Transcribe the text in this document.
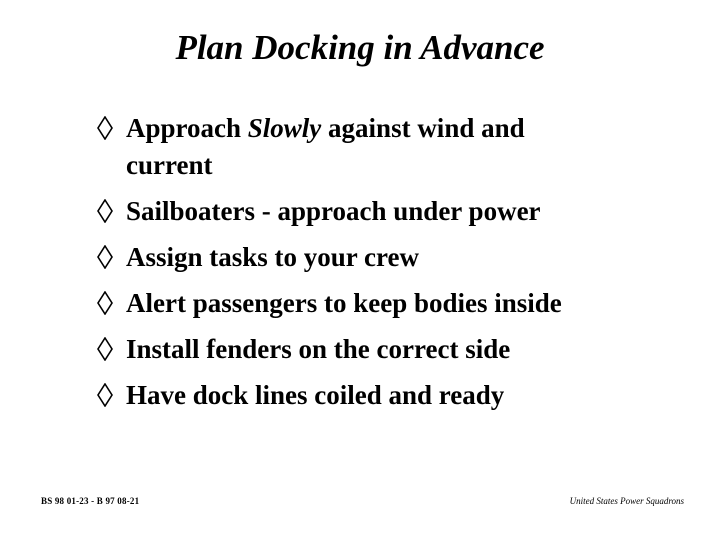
Plan Docking in Advance
Approach Slowly against wind and
current
Sailboaters - approach under power
Assign tasks to your crew
Alert passengers to keep bodies inside
Install fenders on the correct side
Have dock lines coiled and ready
BS 98 01-23 - B 97 08-21	United States Power Squadrons
